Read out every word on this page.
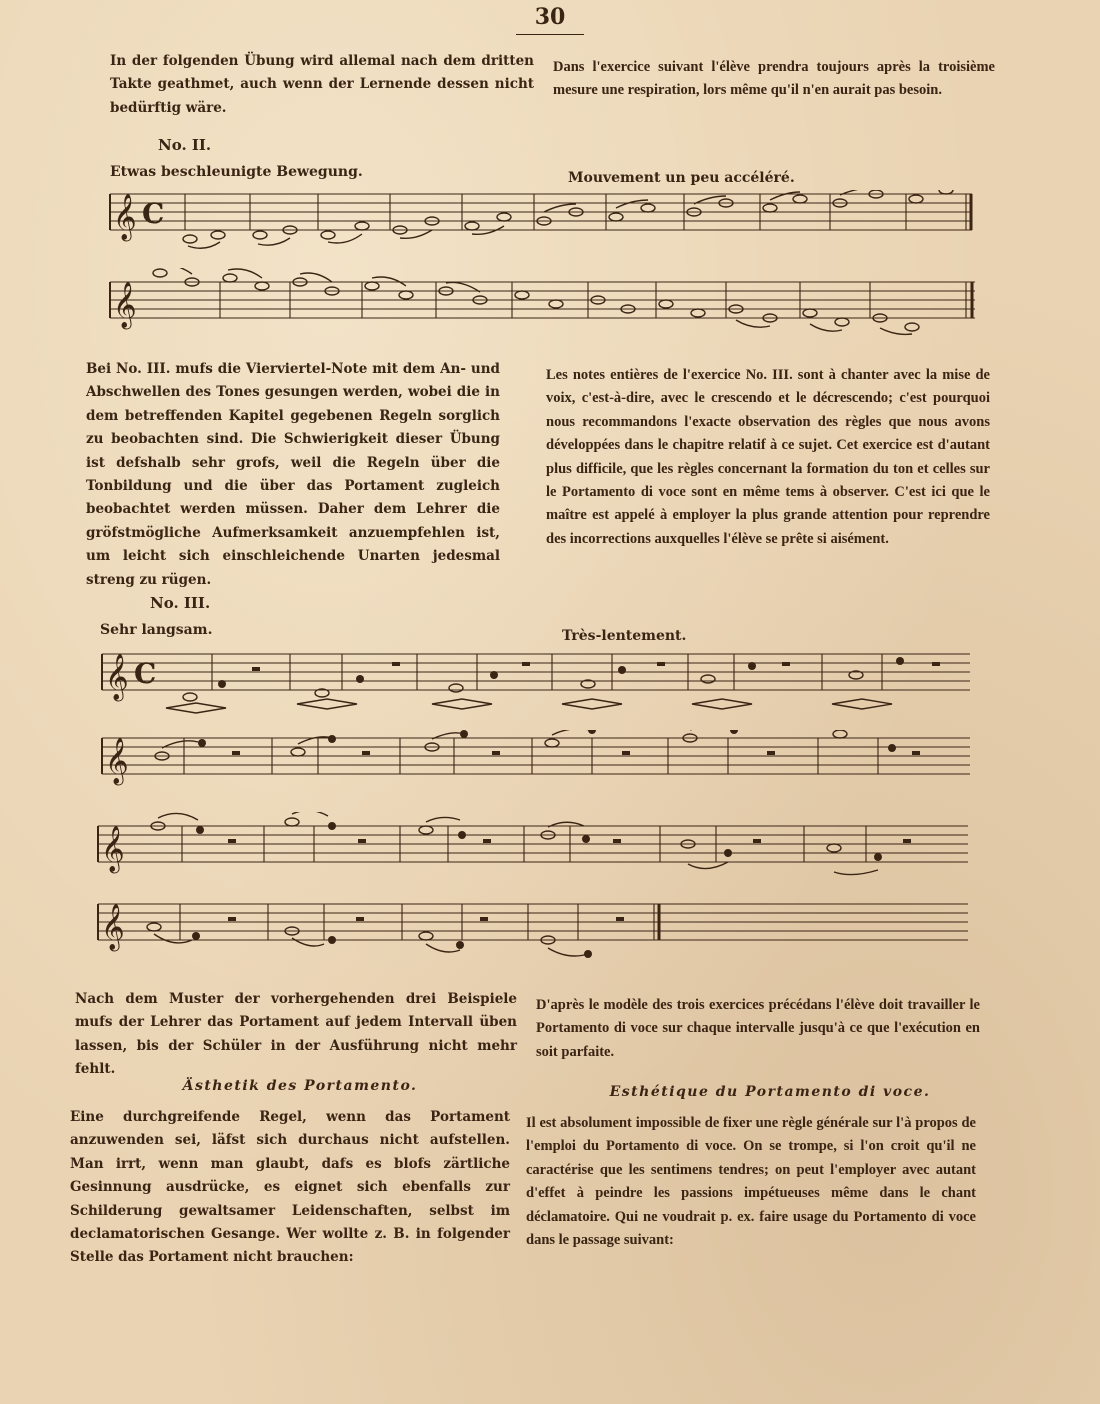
30
In der folgenden Übung wird allemal nach dem dritten Takte geathmet, auch wenn der Lernende dessen nicht bedürftig wäre.
Dans l'exercice suivant l'élève prendra toujours après la troisième mesure une respiration, lors même qu'il n'en aurait pas besoin.
No. II.
Etwas beschleunigte Bewegung.	Mouvement un peu accéléré.
𝄞 C
𝄞
Bei No. III. mufs die Vierviertel-Note mit dem An- und Abschwellen des Tones gesungen werden, wobei die in dem betreffenden Kapitel gegebenen Regeln sorglich zu beobachten sind. Die Schwierigkeit dieser Übung ist defshalb sehr grofs, weil die Regeln über die Tonbildung und die über das Portament zugleich beobachtet werden müssen. Daher dem Lehrer die gröfstmögliche Aufmerksamkeit anzuempfehlen ist, um leicht sich einschleichende Unarten jedesmal streng zu rügen.
Les notes entières de l'exercice No. III. sont à chanter avec la mise de voix, c'est-à-dire, avec le crescendo et le décrescendo; c'est pourquoi nous recommandons l'exacte observation des règles que nous avons développées dans le chapitre relatif à ce sujet. Cet exercice est d'autant plus difficile, que les règles concernant la formation du ton et celles sur le Portamento di voce sont en même tems à observer. C'est ici que le maître est appelé à employer la plus grande attention pour reprendre des incorrections auxquelles l'élève se prête si aisément.
No. III.
Sehr langsam.	Très-lentement.
𝄞 C
𝄞
𝄞
𝄞
Nach dem Muster der vorhergehenden drei Beispiele mufs der Lehrer das Portament auf jedem Intervall üben lassen, bis der Schüler in der Ausführung nicht mehr fehlt.
D'après le modèle des trois exercices précédans l'élève doit travailler le Portamento di voce sur chaque intervalle jusqu'à ce que l'exécution en soit parfaite.
Ästhetik des Portamento.	Esthétique du Portamento di voce.
Eine durchgreifende Regel, wenn das Portament anzuwenden sei, läfst sich durchaus nicht aufstellen. Man irrt, wenn man glaubt, dafs es blofs zärtliche Gesinnung ausdrücke, es eignet sich ebenfalls zur Schilderung gewaltsamer Leidenschaften, selbst im declamatorischen Gesange. Wer wollte z. B. in folgender Stelle das Portament nicht brauchen:
Il est absolument impossible de fixer une règle générale sur l'à propos de l'emploi du Portamento di voce. On se trompe, si l'on croit qu'il ne caractérise que les sentimens tendres; on peut l'employer avec autant d'effet à peindre les passions impétueuses même dans le chant déclamatoire. Qui ne voudrait p. ex. faire usage du Portamento di voce dans le passage suivant:
